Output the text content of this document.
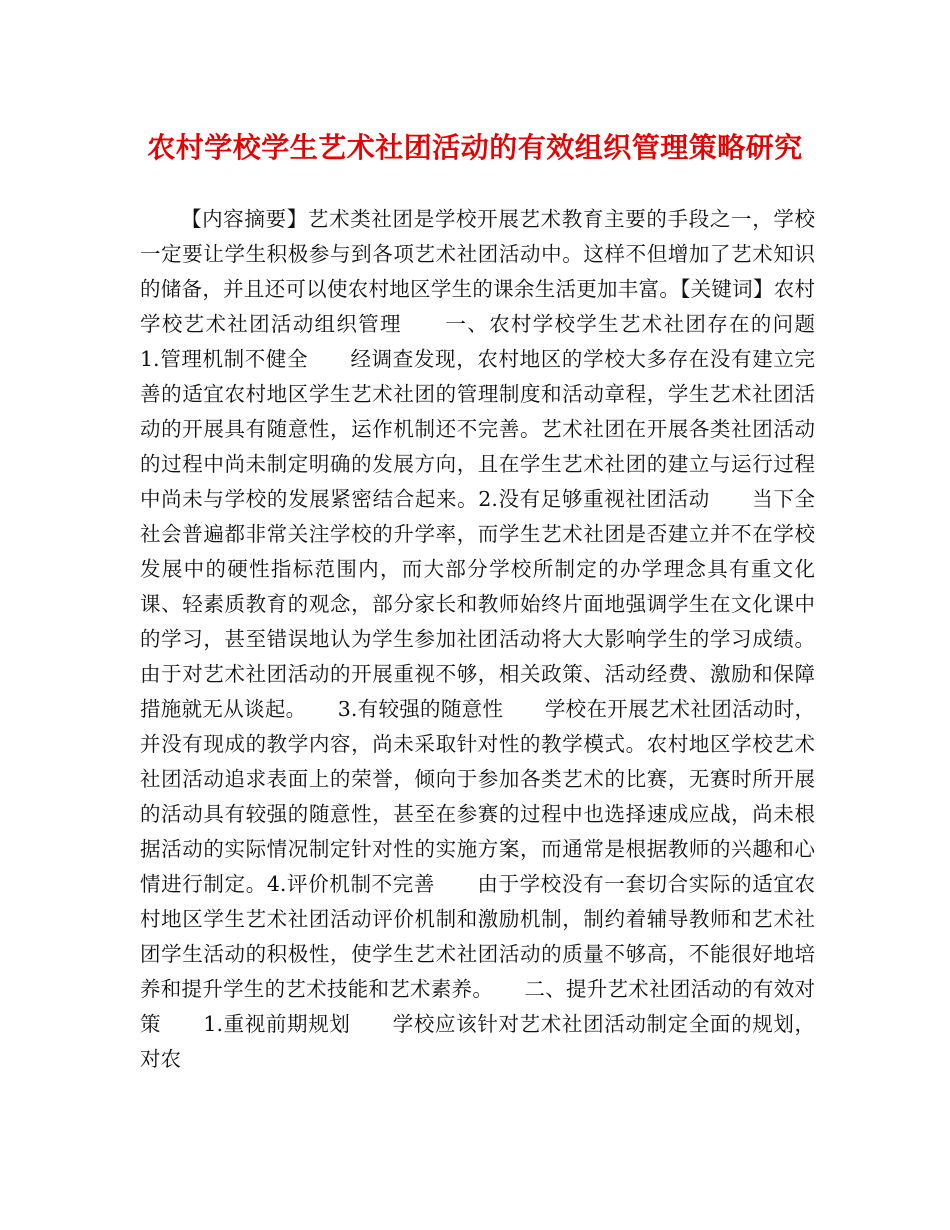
农村学校学生艺术社团活动的有效组织管理策略研究

【内容摘要】艺术类社团是学校开展艺术教育主要的手段之一，学校一定要让学生积极参与到各项艺术社团活动中。这样不但增加了艺术知识的储备，并且还可以使农村地区学生的课余生活更加丰富。【关键词】农村学校艺术社团活动组织管理　　一、农村学校学生艺术社团存在的问题　　1.管理机制不健全　　经调查发现，农村地区的学校大多存在没有建立完善的适宜农村地区学生艺术社团的管理制度和活动章程，学生艺术社团活动的开展具有随意性，运作机制还不完善。艺术社团在开展各类社团活动的过程中尚未制定明确的发展方向，且在学生艺术社团的建立与运行过程中尚未与学校的发展紧密结合起来。2.没有足够重视社团活动　　当下全社会普遍都非常关注学校的升学率，而学生艺术社团是否建立并不在学校发展中的硬性指标范围内，而大部分学校所制定的办学理念具有重文化课、轻素质教育的观念，部分家长和教师始终片面地强调学生在文化课中的学习，甚至错误地认为学生参加社团活动将大大影响学生的学习成绩。由于对艺术社团活动的开展重视不够，相关政策、活动经费、激励和保障措施就无从谈起。　　3.有较强的随意性　　学校在开展艺术社团活动时，并没有现成的教学内容，尚未采取针对性的教学模式。农村地区学校艺术社团活动追求表面上的荣誉，倾向于参加各类艺术的比赛，无赛时所开展的活动具有较强的随意性，甚至在参赛的过程中也选择速成应战，尚未根据活动的实际情况制定针对性的实施方案，而通常是根据教师的兴趣和心情进行制定。4.评价机制不完善　　由于学校没有一套切合实际的适宜农村地区学生艺术社团活动评价机制和激励机制，制约着辅导教师和艺术社团学生活动的积极性，使学生艺术社团活动的质量不够高，不能很好地培养和提升学生的艺术技能和艺术素养。　　二、提升艺术社团活动的有效对策　　1.重视前期规划　　学校应该针对艺术社团活动制定全面的规划，对农
